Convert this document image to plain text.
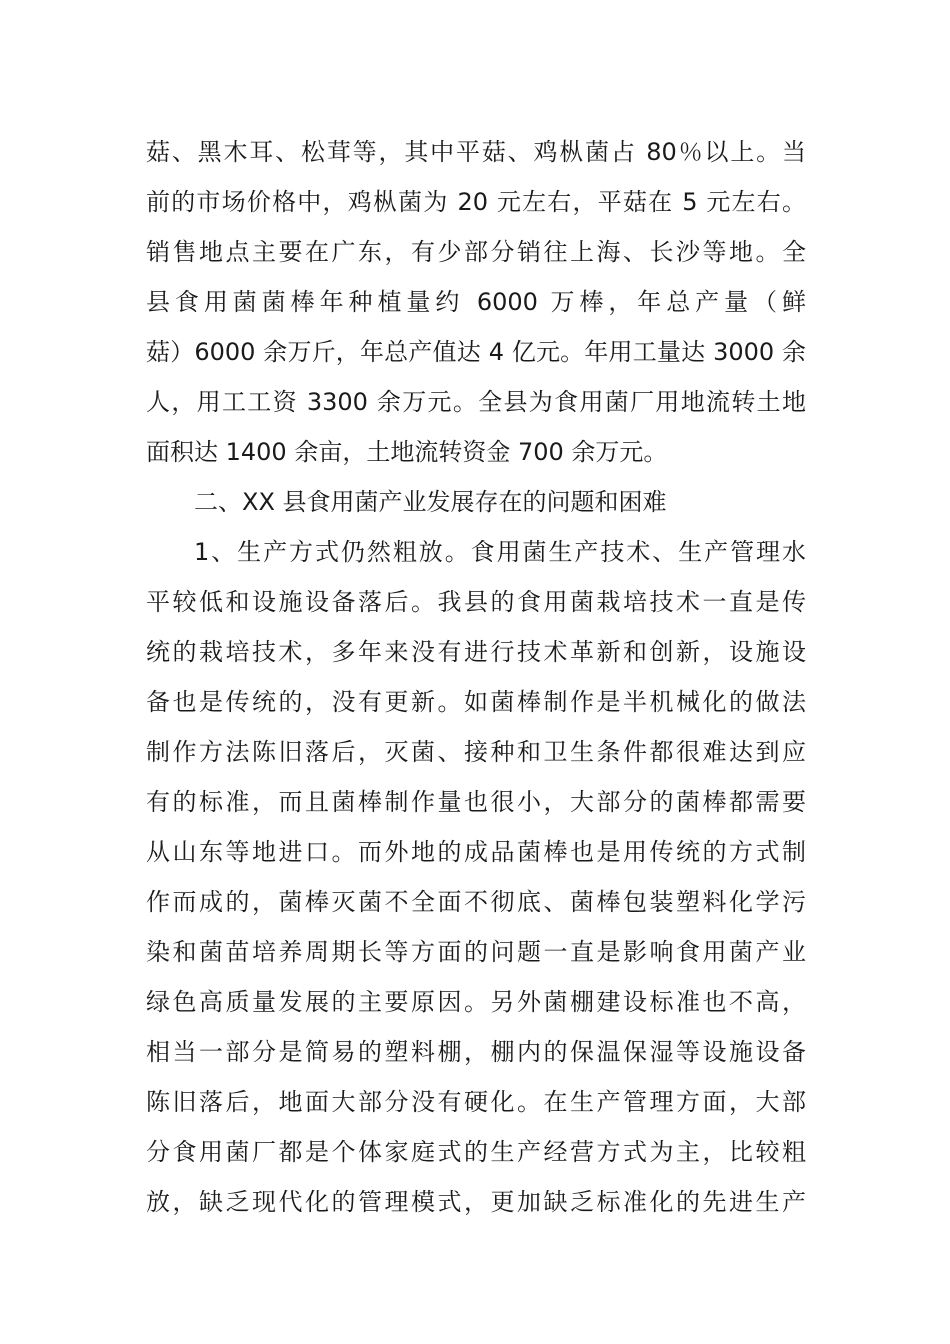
菇、黑木耳、松茸等，其中平菇、鸡枞菌占 80％以上。当
前的市场价格中，鸡枞菌为 20 元左右，平菇在 5 元左右。
销售地点主要在广东，有少部分销往上海、长沙等地。全
县食用菌菌棒年种植量约 6000 万棒，年总产量（鲜
菇）6000 余万斤，年总产值达 4 亿元。年用工量达 3000 余
人，用工工资 3300 余万元。全县为食用菌厂用地流转土地
面积达 1400 余亩，土地流转资金 700 余万元。
二、XX 县食用菌产业发展存在的问题和困难
1、生产方式仍然粗放。食用菌生产技术、生产管理水
平较低和设施设备落后。我县的食用菌栽培技术一直是传
统的栽培技术，多年来没有进行技术革新和创新，设施设
备也是传统的，没有更新。如菌棒制作是半机械化的做法
制作方法陈旧落后，灭菌、接种和卫生条件都很难达到应
有的标准，而且菌棒制作量也很小，大部分的菌棒都需要
从山东等地进口。而外地的成品菌棒也是用传统的方式制
作而成的，菌棒灭菌不全面不彻底、菌棒包装塑料化学污
染和菌苗培养周期长等方面的问题一直是影响食用菌产业
绿色高质量发展的主要原因。另外菌棚建设标准也不高，
相当一部分是简易的塑料棚，棚内的保温保湿等设施设备
陈旧落后，地面大部分没有硬化。在生产管理方面，大部
分食用菌厂都是个体家庭式的生产经营方式为主，比较粗
放，缺乏现代化的管理模式，更加缺乏标准化的先进生产
